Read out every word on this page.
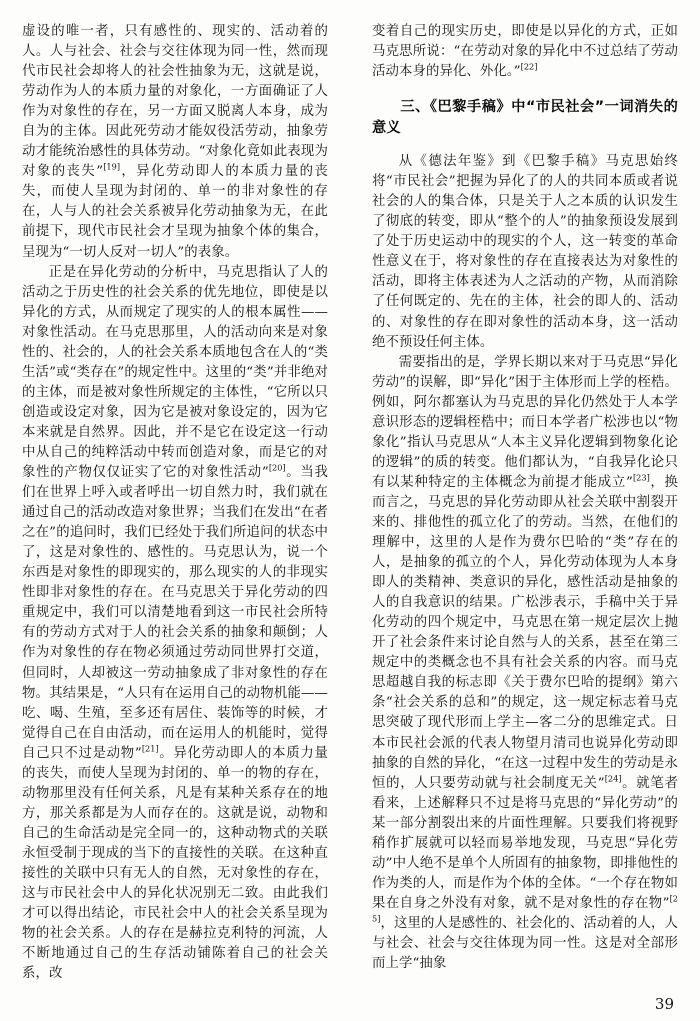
虚设的唯一者，只有感性的、现实的、活动着的人。人与社会、社会与交往体现为同一性，然而现代市民社会却将人的社会性抽象为无，这就是说，劳动作为人的本质力量的对象化，一方面确证了人作为对象性的存在，另一方面又脱离人本身，成为自为的主体。因此死劳动才能奴役活劳动，抽象劳动才能统治感性的具体劳动。“对象化竟如此表现为对象的丧失”[19]，异化劳动即人的本质力量的丧失，而使人呈现为封闭的、单一的非对象性的存在，人与人的社会关系被异化劳动抽象为无，在此前提下，现代市民社会才呈现为抽象个体的集合，呈现为“一切人反对一切人”的表象。

正是在异化劳动的分析中，马克思指认了人的活动之于历史性的社会关系的优先地位，即使是以异化的方式，从而规定了现实的人的根本属性——对象性活动。在马克思那里，人的活动向来是对象性的、社会的，人的社会关系本质地包含在人的“类生活”或“类存在”的规定性中。这里的“类”并非绝对的主体，而是被对象性所规定的主体性，“它所以只创造或设定对象，因为它是被对象设定的，因为它本来就是自然界。因此，并不是它在设定这一行动中从自己的纯粹活动中转而创造对象，而是它的对象性的产物仅仅证实了它的对象性活动”[20]。当我们在世界上呼入或者呼出一切自然力时，我们就在通过自己的活动改造对象世界；当我们在发出“在者之在”的追问时，我们已经处于我们所追问的状态中了，这是对象性的、感性的。马克思认为，说一个东西是对象性的即现实的，那么现实的人的非现实性即非对象性的存在。在马克思关于异化劳动的四重规定中，我们可以清楚地看到这一市民社会所特有的劳动方式对于人的社会关系的抽象和颠倒；人作为对象性的存在物必须通过劳动同世界打交道，但同时，人却被这一劳动抽象成了非对象性的存在物。其结果是，“人只有在运用自己的动物机能——吃、喝、生殖，至多还有居住、装饰等的时候，才觉得自己在自由活动，而在运用人的机能时，觉得自己只不过是动物”[21]。异化劳动即人的本质力量的丧失，而使人呈现为封闭的、单一的物的存在，动物那里没有任何关系，凡是有某种关系存在的地方，那关系都是为人而存在的。这就是说，动物和自己的生命活动是完全同一的，这种动物式的关联永恒受制于现成的当下的直接性的关联。在这种直接性的关联中只有无人的自然，无对象性的存在，这与市民社会中人的异化状况别无二致。由此我们才可以得出结论，市民社会中人的社会关系呈现为物的社会关系。人的存在是赫拉克利特的河流，人不断地通过自己的生存活动铺陈着自己的社会关系，改

变着自己的现实历史，即使是以异化的方式，正如马克思所说：“在劳动对象的异化中不过总结了劳动活动本身的异化、外化。”[22]

三、《巴黎手稿》中“市民社会”一词消失的意义

从《德法年鉴》到《巴黎手稿》马克思始终将“市民社会”把握为异化了的人的共同本质或者说社会的人的集合体，只是关于人之本质的认识发生了彻底的转变，即从“整个的人”的抽象预设发展到了处于历史运动中的现实的个人，这一转变的革命性意义在于，将对象性的存在直接表达为对象性的活动，即将主体表述为人之活动的产物，从而消除了任何既定的、先在的主体，社会的即人的、活动的、对象性的存在即对象性的活动本身，这一活动绝不预设任何主体。

需要指出的是，学界长期以来对于马克思“异化劳动”的误解，即“异化”困于主体形而上学的桎梏。例如，阿尔都塞认为马克思的异化仍然处于人本学意识形态的逻辑桎梏中；而日本学者广松涉也以“物象化”指认马克思从“人本主义异化逻辑到物象化论的逻辑”的质的转变。他们都认为，“自我异化论只有以某种特定的主体概念为前提才能成立”[23]，换而言之，马克思的异化劳动即从社会关联中割裂开来的、排他性的孤立化了的劳动。当然，在他们的理解中，这里的人是作为费尔巴哈的“类”存在的人，是抽象的孤立的个人，异化劳动体现为人本身即人的类精神、类意识的异化，感性活动是抽象的人的自我意识的结果。广松涉表示，手稿中关于异化劳动的四个规定中，马克思在第一规定层次上抛开了社会条件来讨论自然与人的关系，甚至在第三规定中的类概念也不具有社会关系的内容。而马克思超越自我的标志即《关于费尔巴哈的提纲》第六条“社会关系的总和”的规定，这一规定标志着马克思突破了现代形而上学主—客二分的思维定式。日本市民社会派的代表人物望月清司也说异化劳动即抽象的自然的异化，“在这一过程中发生的劳动是永恒的，人只要劳动就与社会制度无关”[24]。就笔者看来，上述解释只不过是将马克思的“异化劳动”的某一部分割裂出来的片面性理解。只要我们将视野稍作扩展就可以轻而易举地发现，马克思“异化劳动”中人绝不是单个人所固有的抽象物，即排他性的作为类的人，而是作为个体的全体。“一个存在物如果在自身之外没有对象，就不是对象性的存在物”[25]，这里的人是感性的、社会化的、活动着的人，人与社会、社会与交往体现为同一性。这是对全部形而上学“抽象

39
